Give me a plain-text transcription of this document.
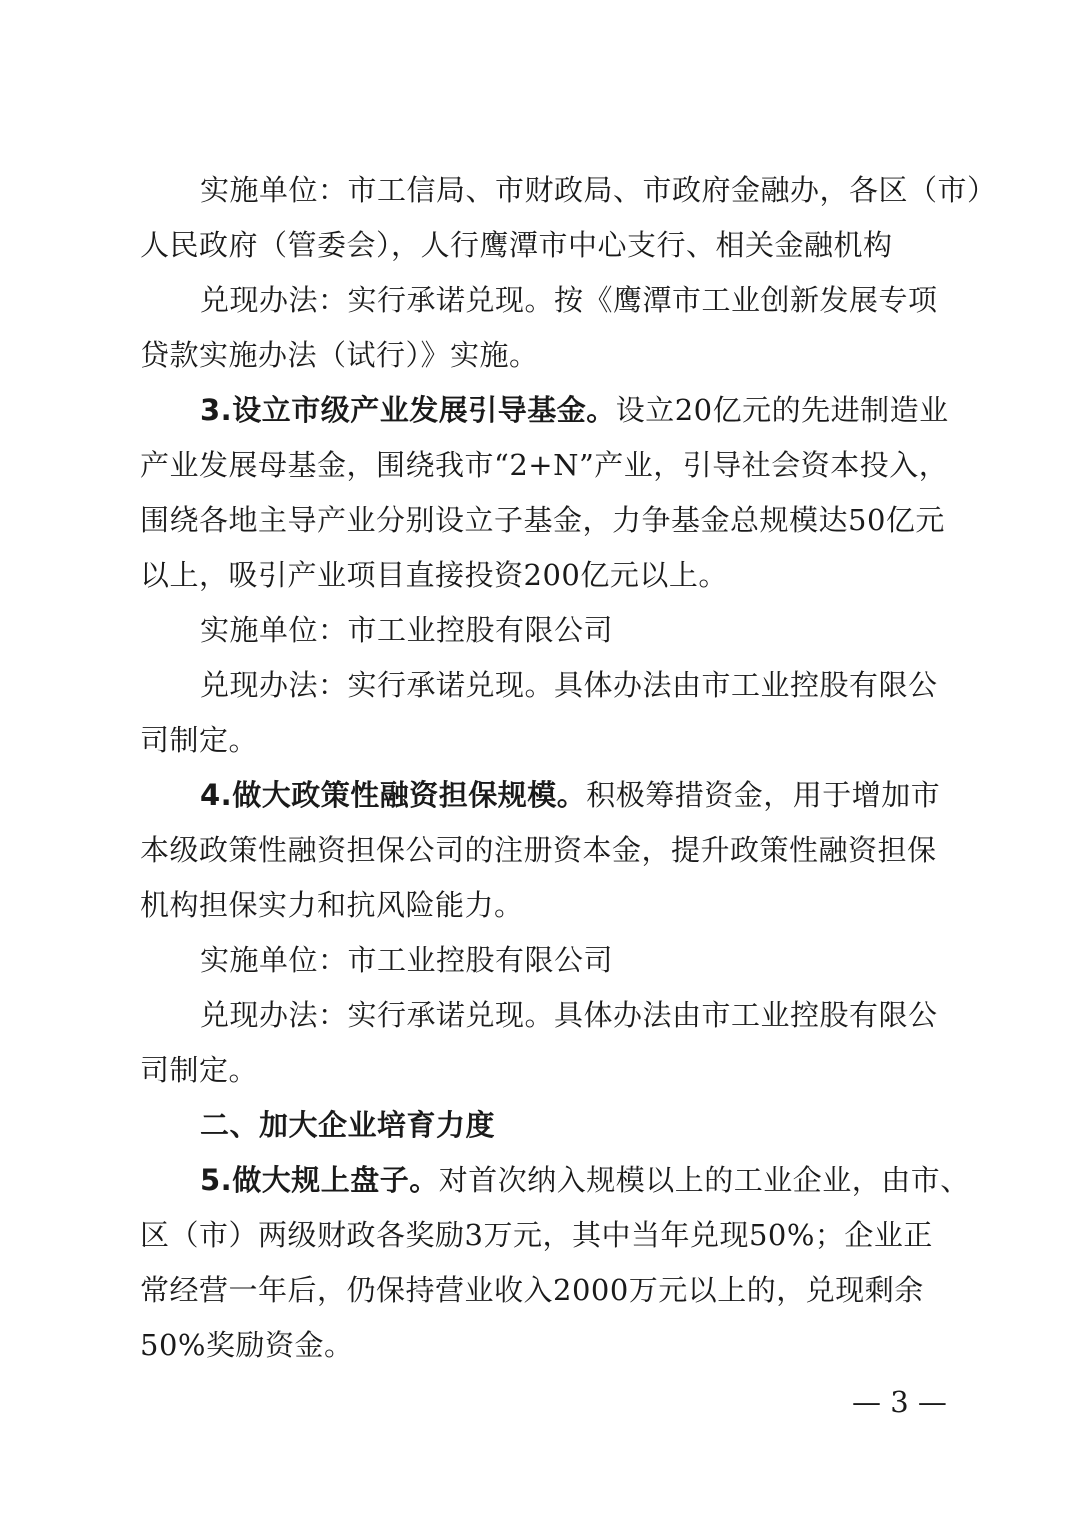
实施单位：市工信局、市财政局、市政府金融办，各区（市）
人民政府（管委会），人行鹰潭市中心支行、相关金融机构
兑现办法：实行承诺兑现。按《鹰潭市工业创新发展专项
贷款实施办法（试行）》实施。
3.设立市级产业发展引导基金。设立20亿元的先进制造业
产业发展母基金，围绕我市“2+N”产业，引导社会资本投入，
围绕各地主导产业分别设立子基金，力争基金总规模达50亿元
以上，吸引产业项目直接投资200亿元以上。
实施单位：市工业控股有限公司
兑现办法：实行承诺兑现。具体办法由市工业控股有限公
司制定。
4.做大政策性融资担保规模。积极筹措资金，用于增加市
本级政策性融资担保公司的注册资本金，提升政策性融资担保
机构担保实力和抗风险能力。
实施单位：市工业控股有限公司
兑现办法：实行承诺兑现。具体办法由市工业控股有限公
司制定。
二、加大企业培育力度
5.做大规上盘子。对首次纳入规模以上的工业企业，由市、
区（市）两级财政各奖励3万元，其中当年兑现50%；企业正
常经营一年后，仍保持营业收入2000万元以上的，兑现剩余
50%奖励资金。
— 3 —
